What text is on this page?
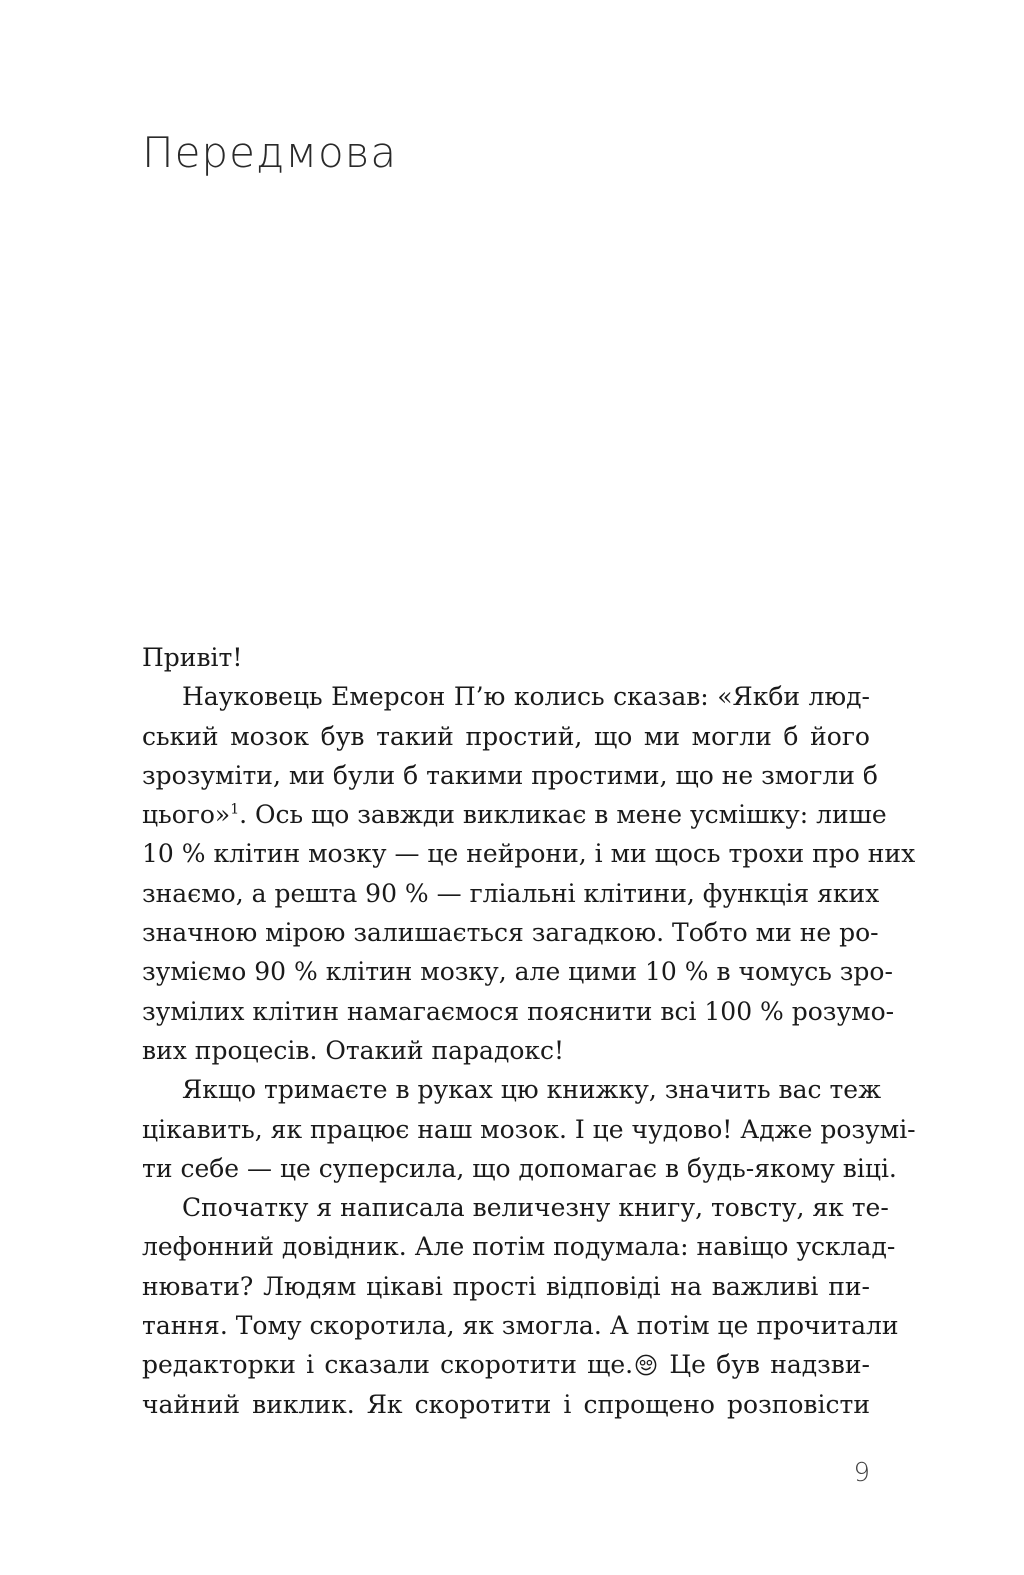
Передмова
Привіт!
Науковець Емерсон П’ю колись сказав: «Якби люд-
ський мозок був такий простий, що ми могли б його
зрозуміти, ми були б такими простими, що не змогли б
цього»$^1$. Ось що завжди викликає в мене усмішку: лише
10 % клітин мозку — це нейрони, і ми щось трохи про них
знаємо, а решта 90 % — гліальні клітини, функція яких
значною мірою залишається загадкою. Тобто ми не ро-
зуміємо 90 % клітин мозку, але цими 10 % в чомусь зро-
зумілих клітин намагаємося пояснити всі 100 % розумо-
вих процесів. Отакий парадокс!
Якщо тримаєте в руках цю книжку, значить вас теж
цікавить, як працює наш мозок. І це чудово! Адже розумі-
ти себе — це суперсила, що допомагає в будь-якому віці.
Спочатку я написала величезну книгу, товсту, як те-
лефонний довідник. Але потім подумала: навіщо усклад-
нювати? Людям цікаві прості відповіді на важливі пи-
тання. Тому скоротила, як змогла. А потім це прочитали
редакторки і сказали скоротити ще. Це був надзви-
чайний виклик. Як скоротити і спрощено розповісти
9
